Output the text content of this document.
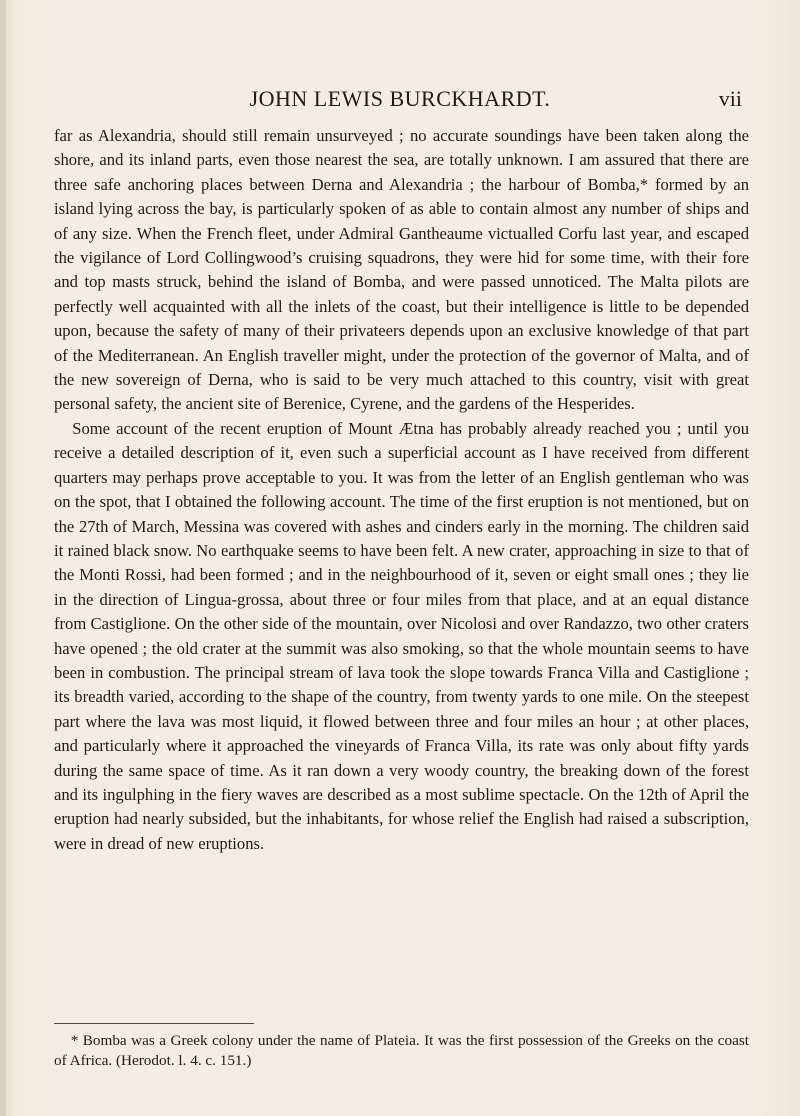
JOHN LEWIS BURCKHARDT.	vii

far as Alexandria, should still remain unsurveyed ; no accurate soundings have been taken along the shore, and its inland parts, even those nearest the sea, are totally unknown. I am assured that there are three safe anchoring places between Derna and Alexandria ; the harbour of Bomba,* formed by an island lying across the bay, is particularly spoken of as able to contain almost any number of ships and of any size. When the French fleet, under Admiral Gantheaume victualled Corfu last year, and escaped the vigilance of Lord Collingwood’s cruising squadrons, they were hid for some time, with their fore and top masts struck, behind the island of Bomba, and were passed unnoticed. The Malta pilots are perfectly well acquainted with all the inlets of the coast, but their intelligence is little to be depended upon, because the safety of many of their privateers depends upon an exclusive knowledge of that part of the Mediterranean. An English traveller might, under the protection of the governor of Malta, and of the new sovereign of Derna, who is said to be very much attached to this country, visit with great personal safety, the ancient site of Berenice, Cyrene, and the gardens of the Hesperides.

Some account of the recent eruption of Mount Ætna has probably already reached you ; until you receive a detailed description of it, even such a superficial account as I have received from different quarters may perhaps prove acceptable to you. It was from the letter of an English gentleman who was on the spot, that I obtained the following account. The time of the first eruption is not mentioned, but on the 27th of March, Messina was covered with ashes and cinders early in the morning. The children said it rained black snow. No earthquake seems to have been felt. A new crater, approaching in size to that of the Monti Rossi, had been formed ; and in the neighbourhood of it, seven or eight small ones ; they lie in the direction of Lingua-grossa, about three or four miles from that place, and at an equal distance from Castiglione. On the other side of the mountain, over Nicolosi and over Randazzo, two other craters have opened ; the old crater at the summit was also smoking, so that the whole mountain seems to have been in combustion. The principal stream of lava took the slope towards Franca Villa and Castiglione ; its breadth varied, according to the shape of the country, from twenty yards to one mile. On the steepest part where the lava was most liquid, it flowed between three and four miles an hour ; at other places, and particularly where it approached the vineyards of Franca Villa, its rate was only about fifty yards during the same space of time. As it ran down a very woody country, the breaking down of the forest and its ingulphing in the fiery waves are described as a most sublime spectacle. On the 12th of April the eruption had nearly subsided, but the inhabitants, for whose relief the English had raised a subscription, were in dread of new eruptions.

* Bomba was a Greek colony under the name of Plateia. It was the first possession of the Greeks on the coast of Africa. (Herodot. l. 4. c. 151.)
